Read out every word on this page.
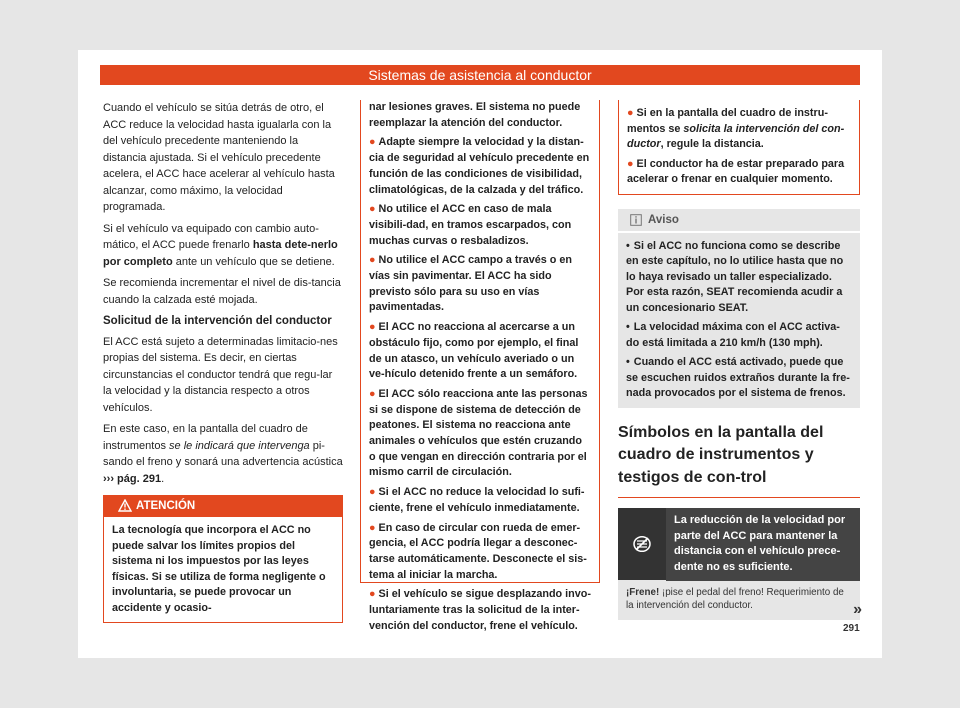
Sistemas de asistencia al conductor

Cuando el vehículo se sitúa detrás de otro, el ACC reduce la velocidad hasta igualarla con la del vehículo precedente manteniendo la distancia ajustada. Si el vehículo precedente acelera, el ACC hace acelerar al vehículo hasta alcanzar, como máximo, la velocidad programada.

Si el vehículo va equipado con cambio auto-mático, el ACC puede frenarlo hasta dete-nerlo por completo ante un vehículo que se detiene.

Se recomienda incrementar el nivel de dis-tancia cuando la calzada esté mojada.

Solicitud de la intervención del conductor

El ACC está sujeto a determinadas limitacio-nes propias del sistema. Es decir, en ciertas circunstancias el conductor tendrá que regu-lar la velocidad y la distancia respecto a otros vehículos.

En este caso, en la pantalla del cuadro de instrumentos se le indicará que intervenga pi-sando el freno y sonará una advertencia acústica ››› pág. 291.

ATENCIÓN
La tecnología que incorpora el ACC no puede salvar los límites propios del sistema ni los impuestos por las leyes físicas. Si se utiliza de forma negligente o involuntaria, se puede provocar un accidente y ocasio-

nar lesiones graves. El sistema no puede reemplazar la atención del conductor.

● Adapte siempre la velocidad y la distan-cia de seguridad al vehículo precedente en función de las condiciones de visibilidad, climatológicas, de la calzada y del tráfico.

● No utilice el ACC en caso de mala visibili-dad, en tramos escarpados, con muchas curvas o resbaladizos.

● No utilice el ACC campo a través o en vías sin pavimentar. El ACC ha sido previsto sólo para su uso en vías pavimentadas.

● El ACC no reacciona al acercarse a un obstáculo fijo, como por ejemplo, el final de un atasco, un vehículo averiado o un ve-hículo detenido frente a un semáforo.

● El ACC sólo reacciona ante las personas si se dispone de sistema de detección de peatones. El sistema no reacciona ante animales o vehículos que estén cruzando o que vengan en dirección contraria por el mismo carril de circulación.

● Si el ACC no reduce la velocidad lo sufi-ciente, frene el vehículo inmediatamente.

● En caso de circular con rueda de emer-gencia, el ACC podría llegar a desconec-tarse automáticamente. Desconecte el sis-tema al iniciar la marcha.

● Si el vehículo se sigue desplazando invo-luntariamente tras la solicitud de la inter-vención del conductor, frene el vehículo.

● Si en la pantalla del cuadro de instru-mentos se solicita la intervención del con-ductor, regule la distancia.

● El conductor ha de estar preparado para acelerar o frenar en cualquier momento.

Aviso

• Si el ACC no funciona como se describe en este capítulo, no lo utilice hasta que no lo haya revisado un taller especializado. Por esta razón, SEAT recomienda acudir a un concesionario SEAT.

• La velocidad máxima con el ACC activa-do está limitada a 210 km/h (130 mph).

• Cuando el ACC está activado, puede que se escuchen ruidos extraños durante la fre-nada provocados por el sistema de frenos.

Símbolos en la pantalla del cuadro de instrumentos y testigos de con-trol
La reducción de la velocidad por parte del ACC para mantener la distancia con el vehículo prece-dente no es suficiente.
¡Frene! ¡pise el pedal del freno! Requerimiento de la intervención del conductor.	»
291
